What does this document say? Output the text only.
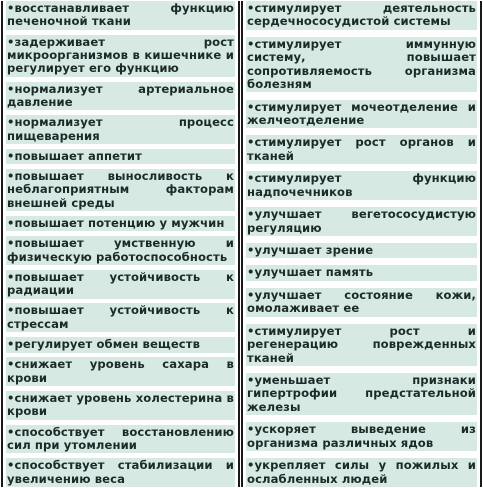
•восстанавливает функцию печеночной ткани
•задерживает рост микроорганизмов в кишечнике и регулирует его функцию
•нормализует артериальное давление
•нормализует процесс пищеварения
•повышает аппетит
•повышает выносливость к неблагоприятным факторам внешней среды
•повышает потенцию у мужчин
•повышает умственную и физическую работоспособность
•повышает устойчивость к радиации
•повышает устойчивость к стрессам
•регулирует обмен веществ
•снижает уровень сахара в крови
•снижает уровень холестерина в крови
•способствует восстановлению сил при утомлении
•способствует стабилизации и увеличению веса
•стимулирует деятельность сердечнососудистой системы
•стимулирует иммунную систему, повышает сопротивляемость организма болезням
•стимулирует мочеотделение и желчеотделение
•стимулирует рост органов и тканей
•стимулирует функцию надпочечников
•улучшает вегетососудистую регуляцию
•улучшает зрение
•улучшает память
•улучшает состояние кожи, омолаживает ее
•стимулирует рост и регенерацию поврежденных тканей
•уменьшает признаки гипертрофии предстательной железы
•ускоряет выведение из организма различных ядов
•укрепляет силы у пожилых и ослабленных людей
